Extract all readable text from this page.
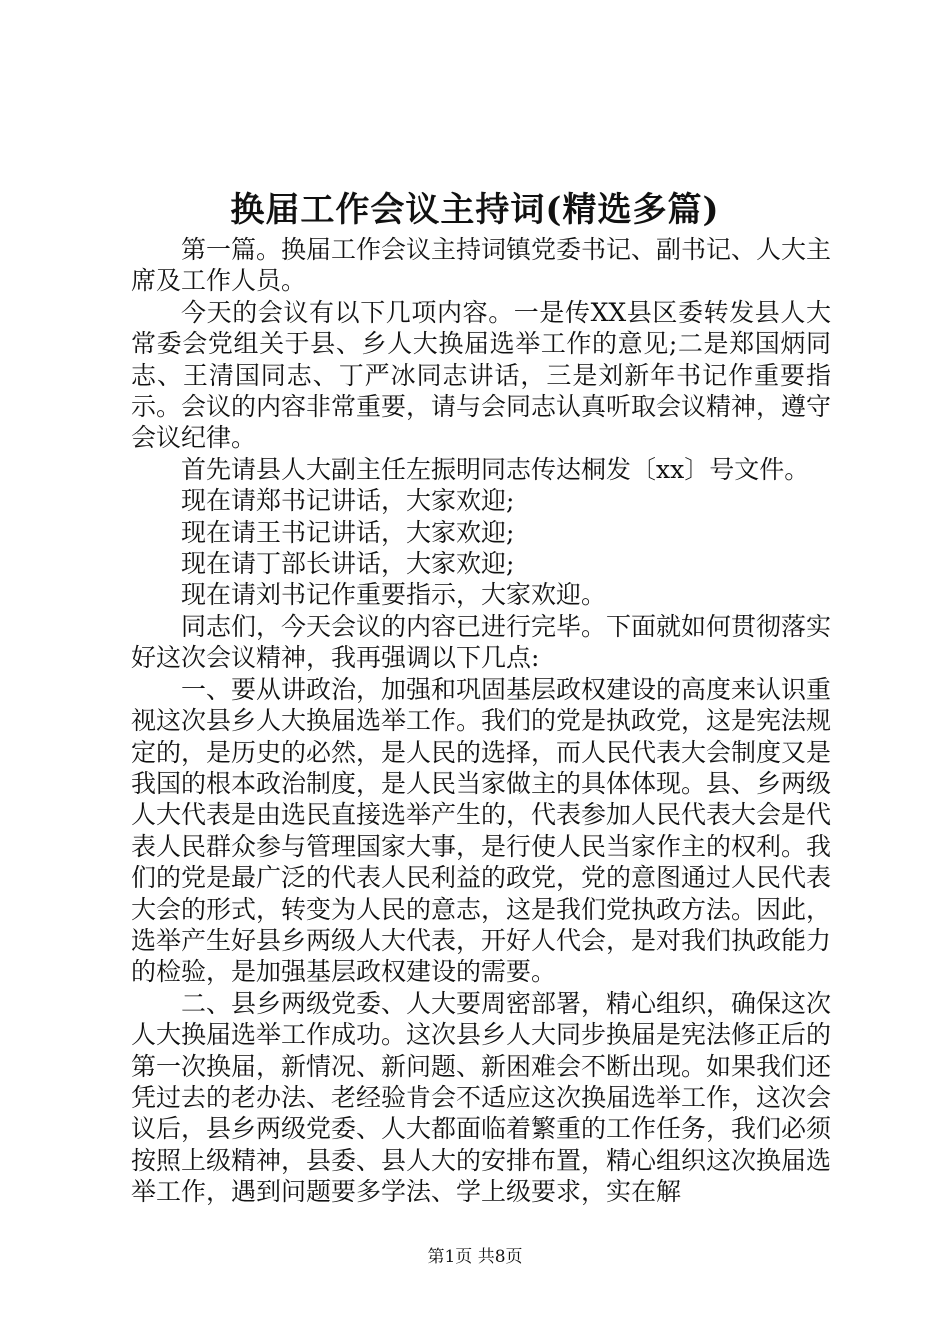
换届工作会议主持词(精选多篇)

第一篇。换届工作会议主持词镇党委书记、副书记、人大主席及工作人员。

今天的会议有以下几项内容。一是传XX县区委转发县人大常委会党组关于县、乡人大换届选举工作的意见;二是郑国炳同志、王清国同志、丁严冰同志讲话，三是刘新年书记作重要指示。会议的内容非常重要，请与会同志认真听取会议精神，遵守会议纪律。

首先请县人大副主任左振明同志传达桐发〔xx〕号文件。

现在请郑书记讲话，大家欢迎;

现在请王书记讲话，大家欢迎;

现在请丁部长讲话，大家欢迎;

现在请刘书记作重要指示，大家欢迎。

同志们，今天会议的内容已进行完毕。下面就如何贯彻落实好这次会议精神，我再强调以下几点:

一、要从讲政治，加强和巩固基层政权建设的高度来认识重视这次县乡人大换届选举工作。我们的党是执政党，这是宪法规定的，是历史的必然，是人民的选择，而人民代表大会制度又是我国的根本政治制度，是人民当家做主的具体体现。县、乡两级人大代表是由选民直接选举产生的，代表参加人民代表大会是代表人民群众参与管理国家大事，是行使人民当家作主的权利。我们的党是最广泛的代表人民利益的政党，党的意图通过人民代表大会的形式，转变为人民的意志，这是我们党执政方法。因此，选举产生好县乡两级人大代表，开好人代会，是对我们执政能力的检验，是加强基层政权建设的需要。

二、县乡两级党委、人大要周密部署，精心组织，确保这次人大换届选举工作成功。这次县乡人大同步换届是宪法修正后的第一次换届，新情况、新问题、新困难会不断出现。如果我们还凭过去的老办法、老经验肯会不适应这次换届选举工作，这次会议后，县乡两级党委、人大都面临着繁重的工作任务，我们必须按照上级精神，县委、县人大的安排布置，精心组织这次换届选举工作，遇到问题要多学法、学上级要求，实在解

第1页 共8页
